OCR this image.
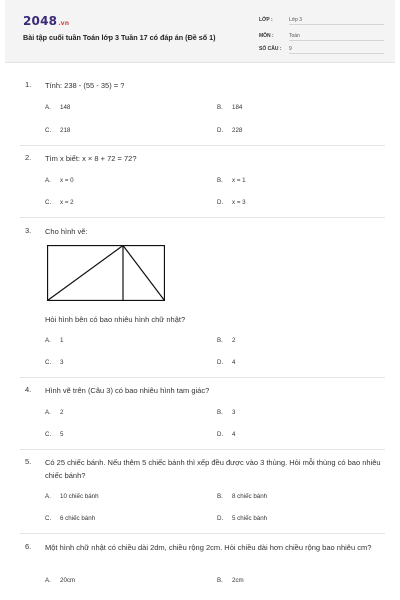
2048.vn
Bài tập cuối tuần Toán lớp 3 Tuần 17 có đáp án (Đề số 1)
LỚP :	Lớp 3
MÔN :	Toán
SỐ CÂU : 9
1. Tính: 238 - (55 - 35) = ?
A. 148	B. 184
C. 218	D. 228
2. Tìm x biết: x × 8 + 72 = 72?
A. x = 0	B. x = 1
C. x = 2	D. x = 3
3. Cho hình vẽ:
Hỏi hình bên có bao nhiêu hình chữ nhật?
A. 1	B. 2
C. 3	D. 4
4. Hình vẽ trên (Câu 3) có bao nhiêu hình tam giác?
A. 2	B. 3
C. 5	D. 4
5. Có 25 chiếc bánh. Nếu thêm 5 chiếc bánh thì xếp đều được vào 3 thùng. Hỏi mỗi thùng có bao nhiêu chiếc bánh?
A. 10 chiếc bánh	B. 8 chiếc bánh
C. 6 chiếc bánh	D. 5 chiếc bánh
6. Một hình chữ nhật có chiều dài 2dm, chiều rộng 2cm. Hỏi chiều dài hơn chiều rộng bao nhiêu cm?
A. 20cm	B. 2cm
